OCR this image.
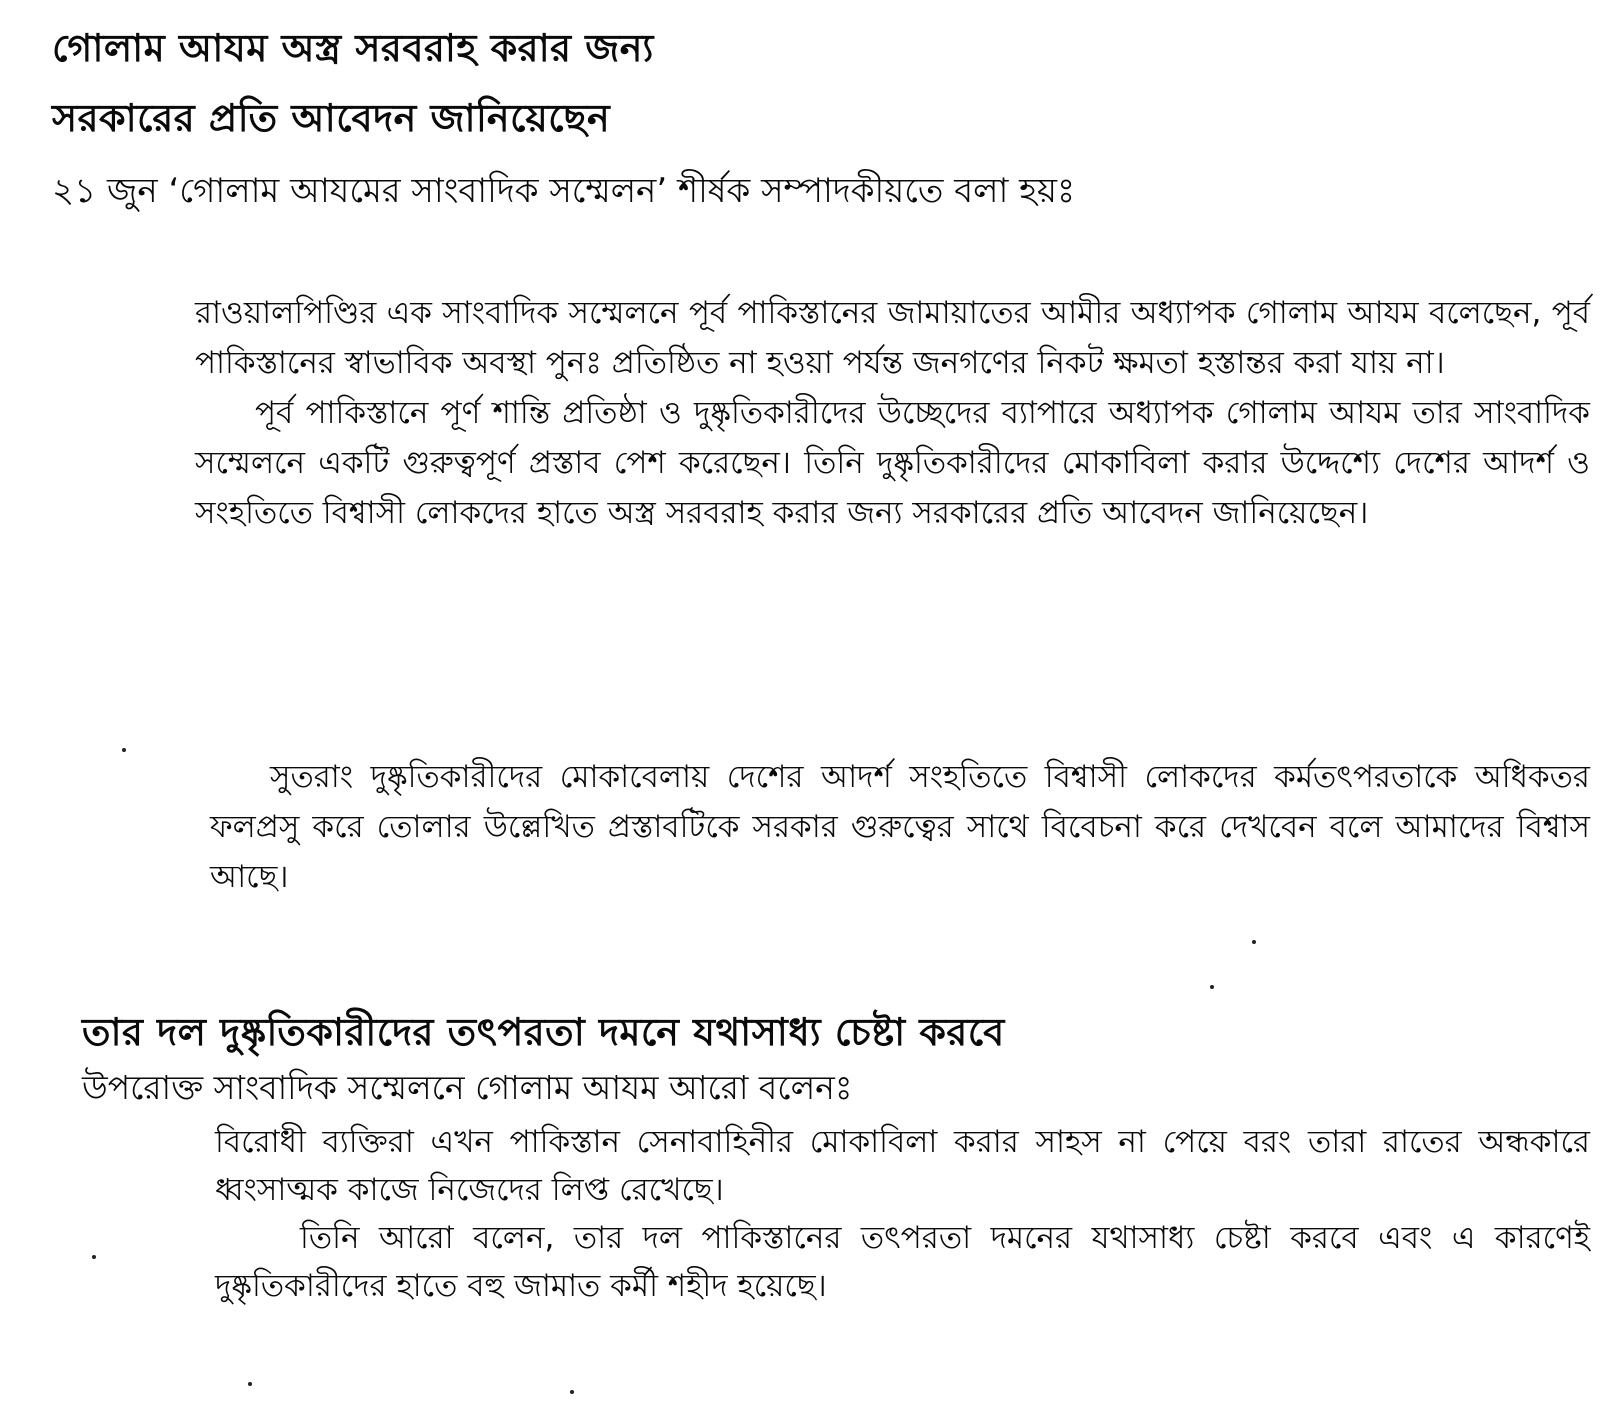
গোলাম আযম অস্ত্র সরবরাহ করার জন্য
সরকারের প্রতি আবেদন জানিয়েছেন
২১ জুন ‘গোলাম আযমের সাংবাদিক সম্মেলন’ শীর্ষক সম্পাদকীয়তে বলা হয়ঃ

রাওয়ালপিণ্ডির এক সাংবাদিক সম্মেলনে পূর্ব পাকিস্তানের জামায়াতের আমীর অধ্যাপক গোলাম আযম বলেছেন, পূর্ব পাকিস্তানের স্বাভাবিক অবস্থা পুনঃ প্রতিষ্ঠিত না হওয়া পর্যন্ত জনগণের নিকট ক্ষমতা হস্তান্তর করা যায় না।

পূর্ব পাকিস্তানে পূর্ণ শান্তি প্রতিষ্ঠা ও দুষ্কৃতিকারীদের উচ্ছেদের ব্যাপারে অধ্যাপক গোলাম আযম তার সাংবাদিক সম্মেলনে একটি গুরুত্বপূর্ণ প্রস্তাব পেশ করেছেন। তিনি দুষ্কৃতিকারীদের মোকাবিলা করার উদ্দেশ্যে দেশের আদর্শ ও সংহতিতে বিশ্বাসী লোকদের হাতে অস্ত্র সরবরাহ করার জন্য সরকারের প্রতি আবেদন জানিয়েছেন।

সুতরাং দুষ্কৃতিকারীদের মোকাবেলায় দেশের আদর্শ সংহতিতে বিশ্বাসী লোকদের কর্মতৎপরতাকে অধিকতর ফলপ্রসু করে তোলার উল্লেখিত প্রস্তাবটিকে সরকার গুরুত্বের সাথে বিবেচনা করে দেখবেন বলে আমাদের বিশ্বাস আছে।

তার দল দুষ্কৃতিকারীদের তৎপরতা দমনে যথাসাধ্য চেষ্টা করবে
উপরোক্ত সাংবাদিক সম্মেলনে গোলাম আযম আরো বলেনঃ

বিরোধী ব্যক্তিরা এখন পাকিস্তান সেনাবাহিনীর মোকাবিলা করার সাহস না পেয়ে বরং তারা রাতের অন্ধকারে ধ্বংসাত্মক কাজে নিজেদের লিপ্ত রেখেছে।

তিনি আরো বলেন, তার দল পাকিস্তানের তৎপরতা দমনের যথাসাধ্য চেষ্টা করবে এবং এ কারণেই দুষ্কৃতিকারীদের হাতে বহু জামাত কর্মী শহীদ হয়েছে।
